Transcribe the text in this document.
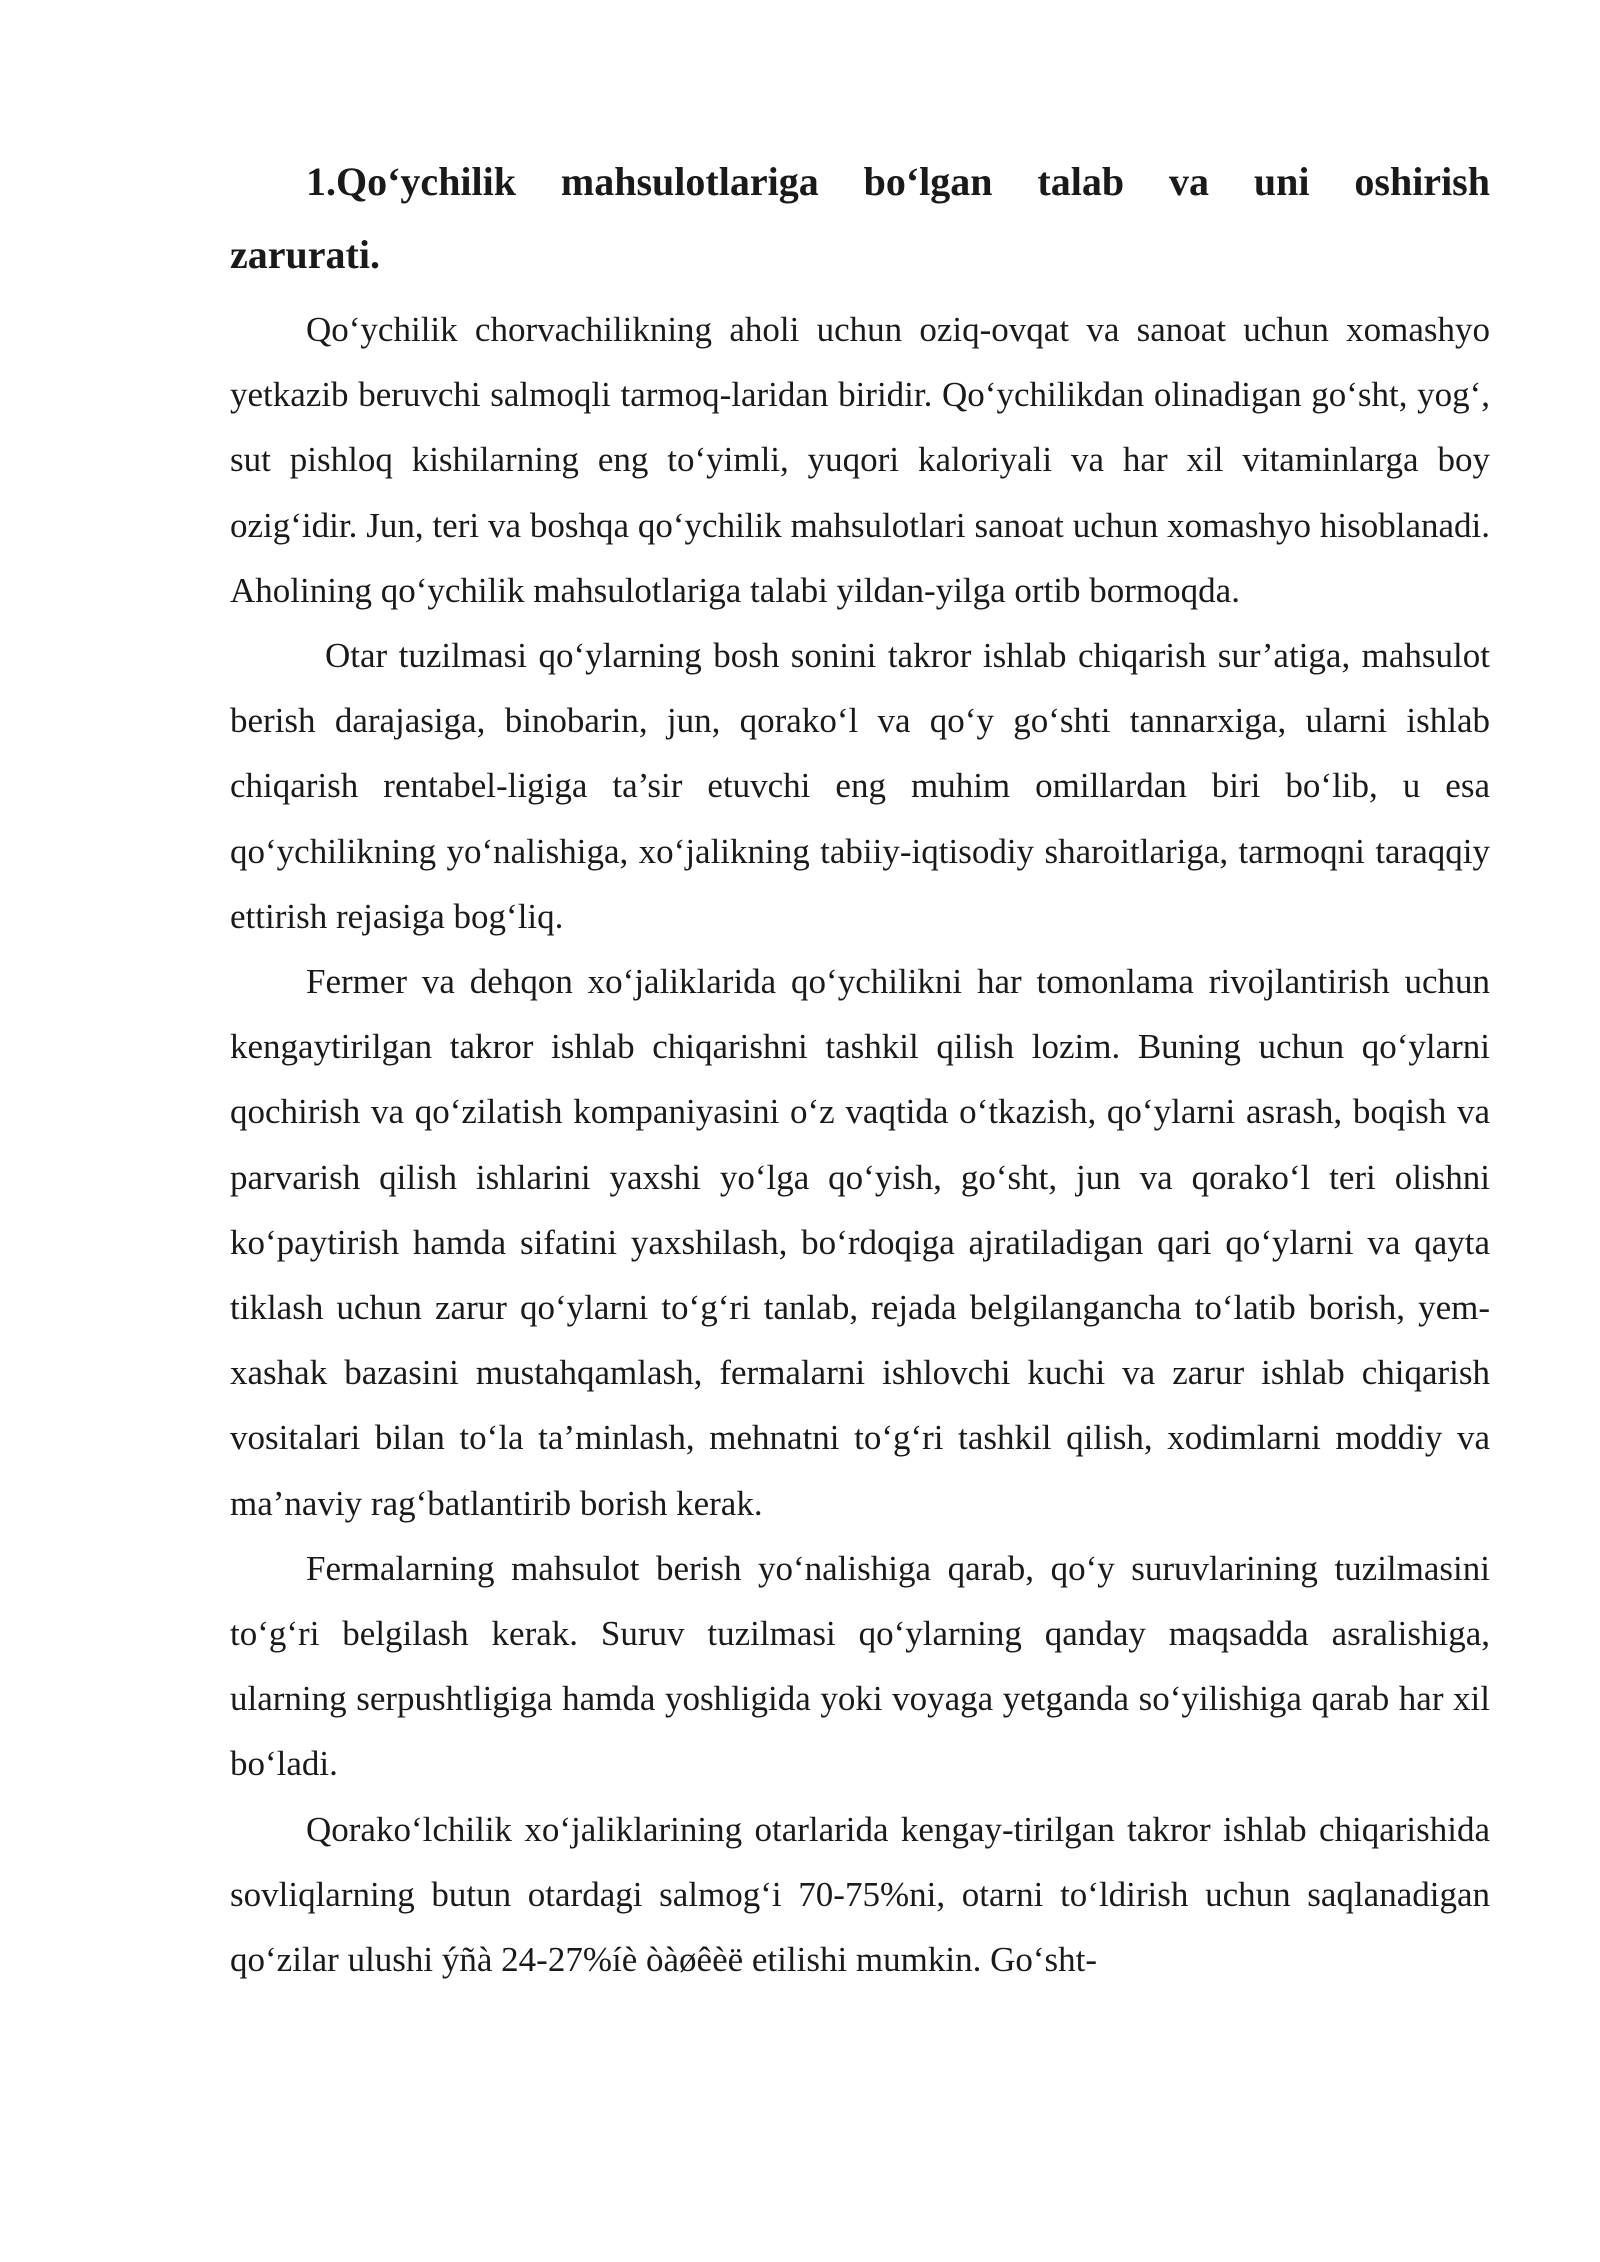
1.Qo‘ychilik mahsulotlariga bo‘lgan talab va uni oshirish zarurati.

Qo‘ychilik chorvachilikning aholi uchun oziq-ovqat va sanoat uchun xomashyo yetkazib beruvchi salmoqli tarmoq-laridan biridir. Qo‘ychilikdan olinadigan go‘sht, yog‘, sut pishloq kishilarning eng to‘yimli, yuqori kaloriyali va har xil vitaminlarga boy ozig‘idir. Jun, teri va boshqa qo‘ychilik mahsulotlari sanoat uchun xomashyo hisoblanadi. Aholining qo‘ychilik mahsulotlariga talabi yildan-yilga ortib bormoqda.

Otar tuzilmasi qo‘ylarning bosh sonini takror ishlab chiqarish sur’atiga, mahsulot berish darajasiga, binobarin, jun, qorako‘l va qo‘y go‘shti tannarxiga, ularni ishlab chiqarish rentabel-ligiga ta’sir etuvchi eng muhim omillardan biri bo‘lib, u esa qo‘ychilikning yo‘nalishiga, xo‘jalikning tabiiy-iqtisodiy sharoitlariga, tarmoqni taraqqiy ettirish rejasiga bog‘liq.

Fermer va dehqon xo‘jaliklarida qo‘ychilikni har tomonlama rivojlantirish uchun kengaytirilgan takror ishlab chiqarishni tashkil qilish lozim. Buning uchun qo‘ylarni qochirish va qo‘zilatish kompaniyasini o‘z vaqtida o‘tkazish, qo‘ylarni asrash, boqish va parvarish qilish ishlarini yaxshi yo‘lga qo‘yish, go‘sht, jun va qorako‘l teri olishni ko‘paytirish hamda sifatini yaxshilash, bo‘rdoqiga ajratiladigan qari qo‘ylarni va qayta tiklash uchun zarur qo‘ylarni to‘g‘ri tanlab, rejada belgilangancha to‘latib borish, yem-xashak bazasini mustahqamlash, fermalarni ishlovchi kuchi va zarur ishlab chiqarish vositalari bilan to‘la ta’minlash, mehnatni to‘g‘ri tashkil qilish, xodimlarni moddiy va ma’naviy rag‘batlantirib borish kerak.

Fermalarning mahsulot berish yo‘nalishiga qarab, qo‘y suruvlarining tuzilmasini to‘g‘ri belgilash kerak. Suruv tuzilmasi qo‘ylarning qanday maqsadda asralishiga, ularning serpushtligiga hamda yoshligida yoki voyaga yetganda so‘yilishiga qarab har xil bo‘ladi.

Qorako‘lchilik xo‘jaliklarining otarlarida kengay-tirilgan takror ishlab chiqarishida sovliqlarning butun otardagi salmog‘i 70-75%ni, otarni to‘ldirish uchun saqlanadigan qo‘zilar ulushi ýñà 24-27%íè òàøêèë etilishi mumkin. Go‘sht-
